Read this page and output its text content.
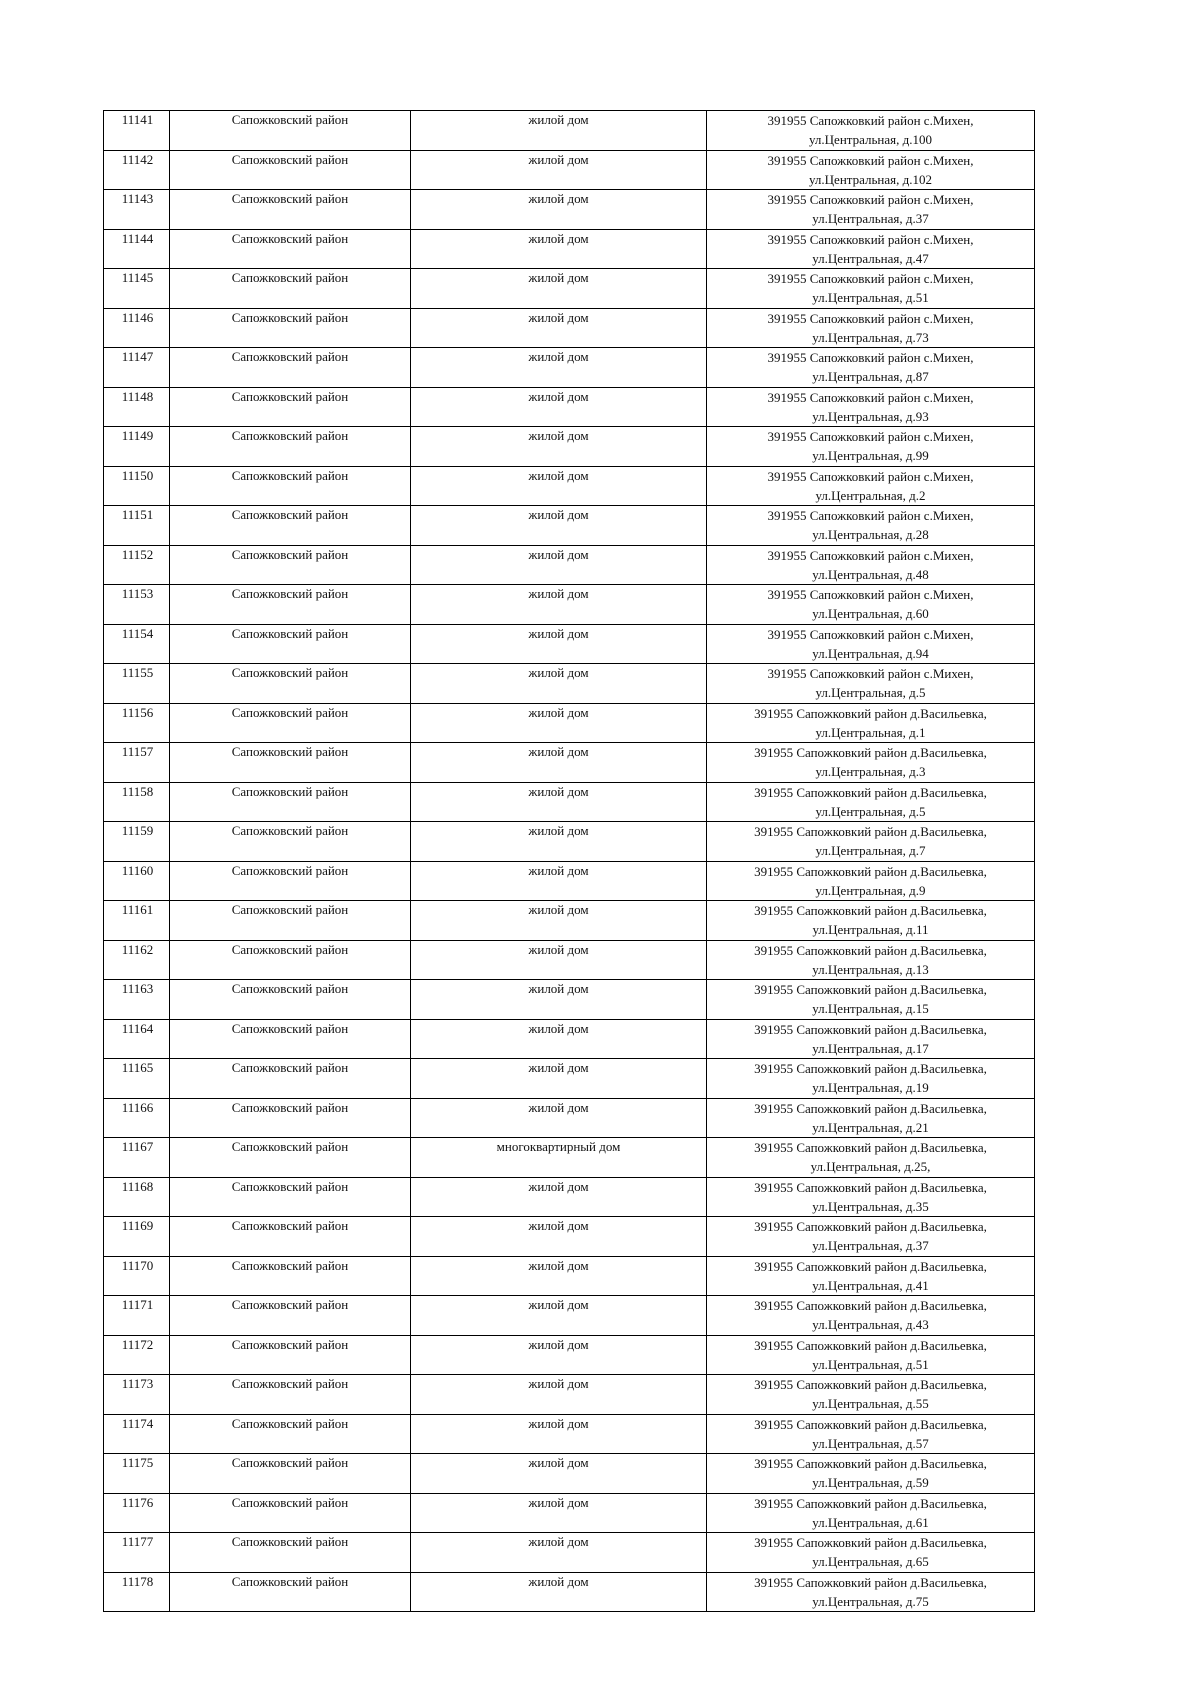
11141	Сапожковский район	жилой дом	391955 Сапожковкий район с.Михен,
ул.Центральная, д.100

11142	Сапожковский район	жилой дом	391955 Сапожковкий район с.Михен,
ул.Центральная, д.102

11143	Сапожковский район	жилой дом	391955 Сапожковкий район с.Михен,
ул.Центральная, д.37

11144	Сапожковский район	жилой дом	391955 Сапожковкий район с.Михен,
ул.Центральная, д.47

11145	Сапожковский район	жилой дом	391955 Сапожковкий район с.Михен,
ул.Центральная, д.51

11146	Сапожковский район	жилой дом	391955 Сапожковкий район с.Михен,
ул.Центральная, д.73

11147	Сапожковский район	жилой дом	391955 Сапожковкий район с.Михен,
ул.Центральная, д.87

11148	Сапожковский район	жилой дом	391955 Сапожковкий район с.Михен,
ул.Центральная, д.93

11149	Сапожковский район	жилой дом	391955 Сапожковкий район с.Михен,
ул.Центральная, д.99

11150	Сапожковский район	жилой дом	391955 Сапожковкий район с.Михен,
ул.Центральная, д.2

11151	Сапожковский район	жилой дом	391955 Сапожковкий район с.Михен,
ул.Центральная, д.28

11152	Сапожковский район	жилой дом	391955 Сапожковкий район с.Михен,
ул.Центральная, д.48

11153	Сапожковский район	жилой дом	391955 Сапожковкий район с.Михен,
ул.Центральная, д.60

11154	Сапожковский район	жилой дом	391955 Сапожковкий район с.Михен,
ул.Центральная, д.94

11155	Сапожковский район	жилой дом	391955 Сапожковкий район с.Михен,
ул.Центральная, д.5

11156	Сапожковский район	жилой дом	391955 Сапожковкий район д.Васильевка,
ул.Центральная, д.1

11157	Сапожковский район	жилой дом	391955 Сапожковкий район д.Васильевка,
ул.Центральная, д.3

11158	Сапожковский район	жилой дом	391955 Сапожковкий район д.Васильевка,
ул.Центральная, д.5

11159	Сапожковский район	жилой дом	391955 Сапожковкий район д.Васильевка,
ул.Центральная, д.7

11160	Сапожковский район	жилой дом	391955 Сапожковкий район д.Васильевка,
ул.Центральная, д.9

11161	Сапожковский район	жилой дом	391955 Сапожковкий район д.Васильевка,
ул.Центральная, д.11

11162	Сапожковский район	жилой дом	391955 Сапожковкий район д.Васильевка,
ул.Центральная, д.13

11163	Сапожковский район	жилой дом	391955 Сапожковкий район д.Васильевка,
ул.Центральная, д.15

11164	Сапожковский район	жилой дом	391955 Сапожковкий район д.Васильевка,
ул.Центральная, д.17

11165	Сапожковский район	жилой дом	391955 Сапожковкий район д.Васильевка,
ул.Центральная, д.19

11166	Сапожковский район	жилой дом	391955 Сапожковкий район д.Васильевка,
ул.Центральная, д.21

11167	Сапожковский район	многоквартирный дом	391955 Сапожковкий район д.Васильевка,
ул.Центральная, д.25,

11168	Сапожковский район	жилой дом	391955 Сапожковкий район д.Васильевка,
ул.Центральная, д.35

11169	Сапожковский район	жилой дом	391955 Сапожковкий район д.Васильевка,
ул.Центральная, д.37

11170	Сапожковский район	жилой дом	391955 Сапожковкий район д.Васильевка,
ул.Центральная, д.41

11171	Сапожковский район	жилой дом	391955 Сапожковкий район д.Васильевка,
ул.Центральная, д.43

11172	Сапожковский район	жилой дом	391955 Сапожковкий район д.Васильевка,
ул.Центральная, д.51

11173	Сапожковский район	жилой дом	391955 Сапожковкий район д.Васильевка,
ул.Центральная, д.55

11174	Сапожковский район	жилой дом	391955 Сапожковкий район д.Васильевка,
ул.Центральная, д.57

11175	Сапожковский район	жилой дом	391955 Сапожковкий район д.Васильевка,
ул.Центральная, д.59

11176	Сапожковский район	жилой дом	391955 Сапожковкий район д.Васильевка,
ул.Центральная, д.61

11177	Сапожковский район	жилой дом	391955 Сапожковкий район д.Васильевка,
ул.Центральная, д.65

11178	Сапожковский район	жилой дом	391955 Сапожковкий район д.Васильевка,
ул.Центральная, д.75
